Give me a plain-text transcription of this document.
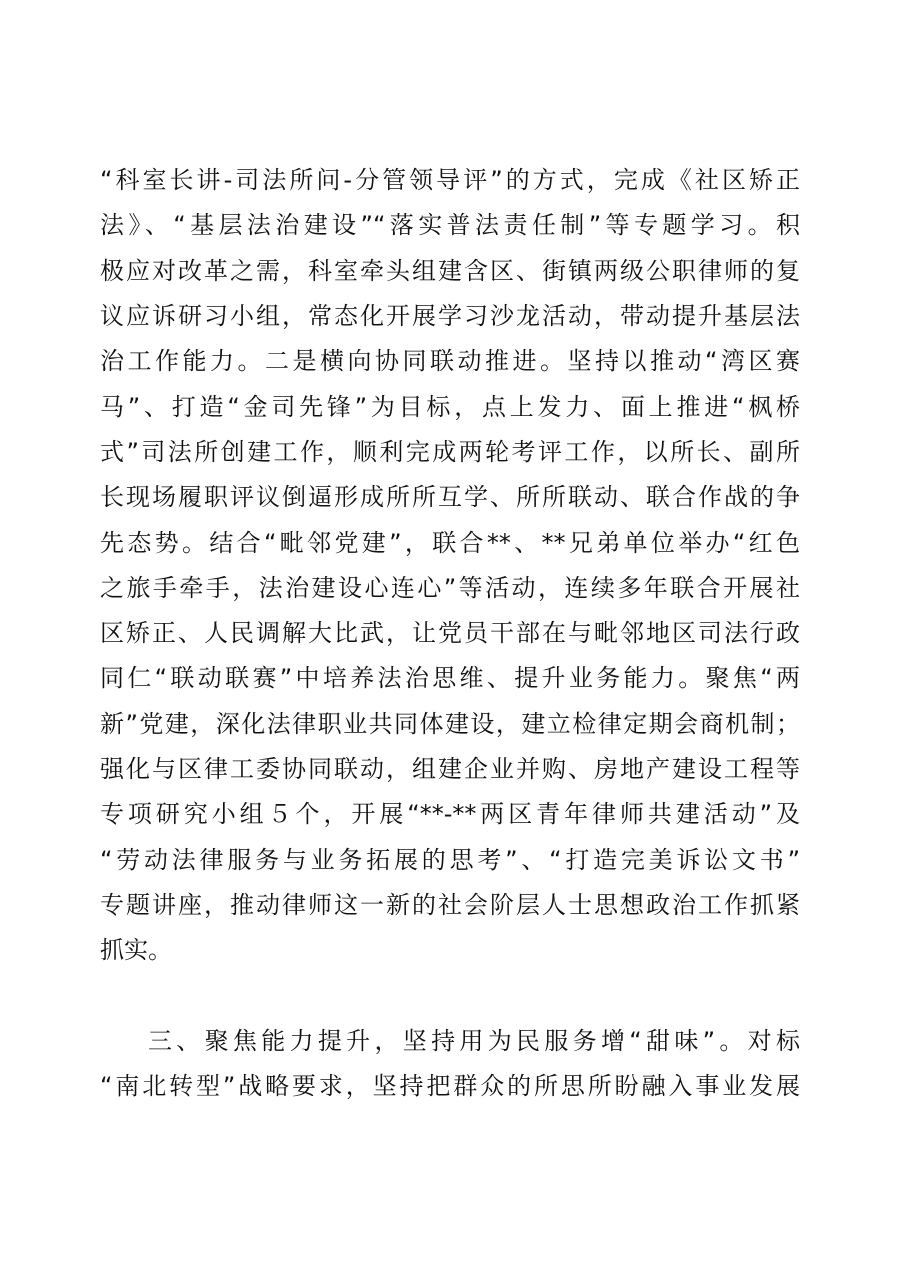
“科室长讲-司法所问-分管领导评”的方式，完成《社区矫正
法》、“基层法治建设”“落实普法责任制”等专题学习。积
极应对改革之需，科室牵头组建含区、街镇两级公职律师的复
议应诉研习小组，常态化开展学习沙龙活动，带动提升基层法
治工作能力。二是横向协同联动推进。坚持以推动“湾区赛
马”、打造“金司先锋”为目标，点上发力、面上推进“枫桥
式”司法所创建工作，顺利完成两轮考评工作，以所长、副所
长现场履职评议倒逼形成所所互学、所所联动、联合作战的争
先态势。结合“毗邻党建”，联合**、**兄弟单位举办“红色
之旅手牵手，法治建设心连心”等活动，连续多年联合开展社
区矫正、人民调解大比武，让党员干部在与毗邻地区司法行政
同仁“联动联赛”中培养法治思维、提升业务能力。聚焦“两
新”党建，深化法律职业共同体建设，建立检律定期会商机制；
强化与区律工委协同联动，组建企业并购、房地产建设工程等
专项研究小组５个，开展“**-**两区青年律师共建活动”及
“劳动法律服务与业务拓展的思考”、“打造完美诉讼文书”
专题讲座，推动律师这一新的社会阶层人士思想政治工作抓紧
抓实。
三、聚焦能力提升，坚持用为民服务增“甜味”。对标
“南北转型”战略要求，坚持把群众的所思所盼融入事业发展
